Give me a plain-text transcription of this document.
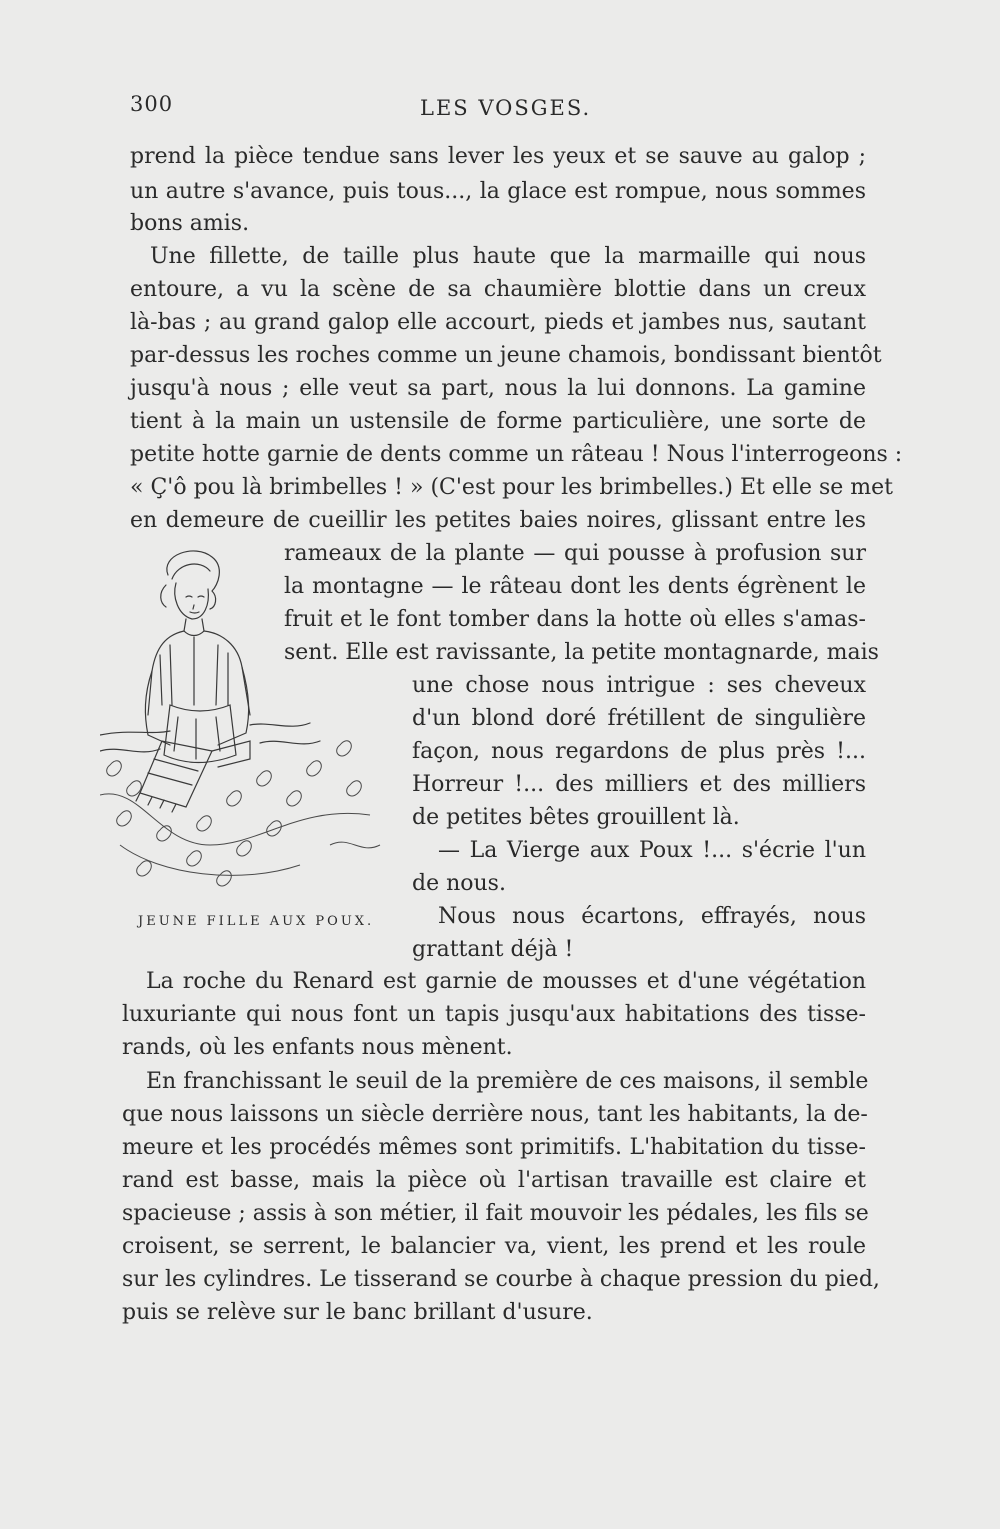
300	LES VOSGES.
prend la pièce tendue sans lever les yeux et se sauve au galop ;
un autre s'avance, puis tous..., la glace est rompue, nous sommes
bons amis.
Une fillette, de taille plus haute que la marmaille qui nous
entoure, a vu la scène de sa chaumière blottie dans un creux
là-bas ; au grand galop elle accourt, pieds et jambes nus, sautant
par-dessus les roches comme un jeune chamois, bondissant bientôt
jusqu'à nous ; elle veut sa part, nous la lui donnons. La gamine
tient à la main un ustensile de forme particulière, une sorte de
petite hotte garnie de dents comme un râteau ! Nous l'interrogeons :
« Ç'ô pou là brimbelles ! » (C'est pour les brimbelles.) Et elle se met
en demeure de cueillir les petites baies noires, glissant entre les
rameaux de la plante — qui pousse à profusion sur
la montagne — le râteau dont les dents égrènent le
fruit et le font tomber dans la hotte où elles s'amas-
sent. Elle est ravissante, la petite montagnarde, mais
une chose nous intrigue : ses cheveux
d'un blond doré frétillent de singulière
façon, nous regardons de plus près !...
Horreur !... des milliers et des milliers
de petites bêtes grouillent là.
— La Vierge aux Poux !... s'écrie l'un
de nous.
Nous nous écartons, effrayés, nous
grattant déjà !
La roche du Renard est garnie de mousses et d'une végétation
luxuriante qui nous font un tapis jusqu'aux habitations des tisse-
rands, où les enfants nous mènent.
En franchissant le seuil de la première de ces maisons, il semble
que nous laissons un siècle derrière nous, tant les habitants, la de-
meure et les procédés mêmes sont primitifs. L'habitation du tisse-
rand est basse, mais la pièce où l'artisan travaille est claire et
spacieuse ; assis à son métier, il fait mouvoir les pédales, les fils se
croisent, se serrent, le balancier va, vient, les prend et les roule
sur les cylindres. Le tisserand se courbe à chaque pression du pied,
puis se relève sur le banc brillant d'usure.
JEUNE FILLE AUX POUX.
